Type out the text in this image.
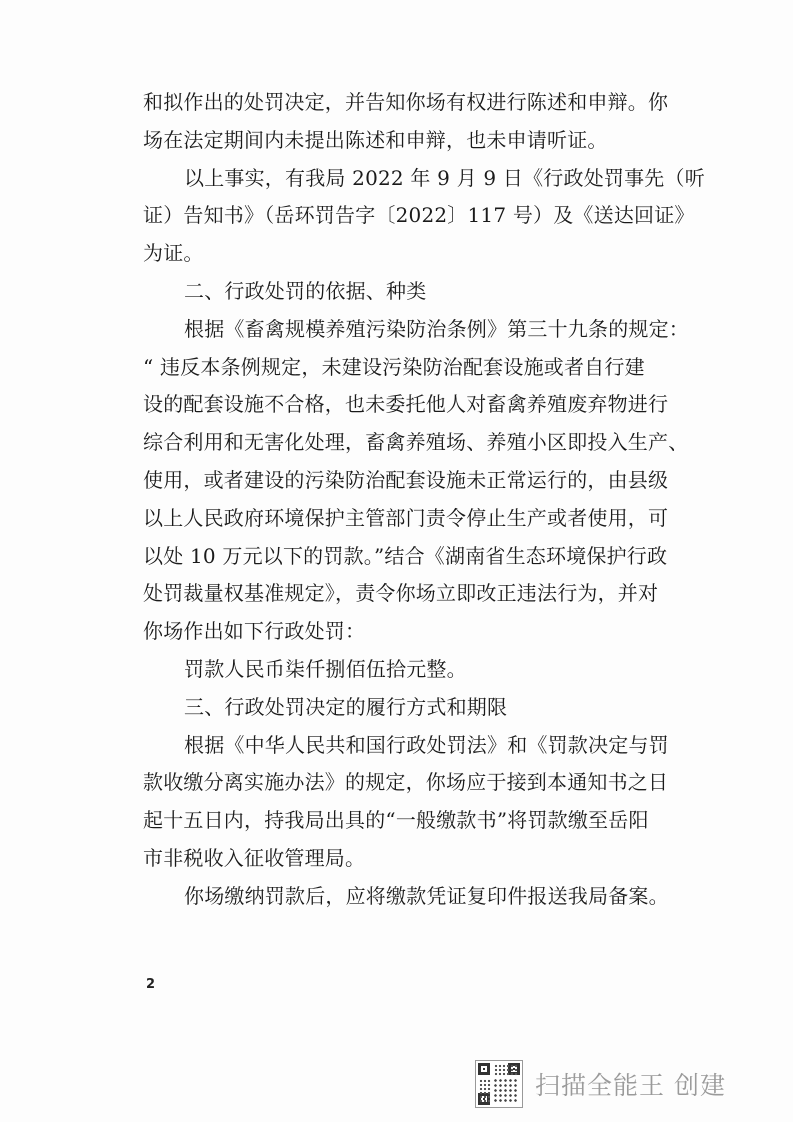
和拟作出的处罚决定，并告知你场有权进行陈述和申辩。你
场在法定期间内未提出陈述和申辩，也未申请听证。
以上事实，有我局 2022 年 9 月 9 日《行政处罚事先（听
证）告知书》（岳环罚告字〔2022〕117 号）及《送达回证》
为证。
二、行政处罚的依据、种类
根据《畜禽规模养殖污染防治条例》第三十九条的规定：
“ 违反本条例规定，未建设污染防治配套设施或者自行建
设的配套设施不合格，也未委托他人对畜禽养殖废弃物进行
综合利用和无害化处理，畜禽养殖场、养殖小区即投入生产、
使用，或者建设的污染防治配套设施未正常运行的，由县级
以上人民政府环境保护主管部门责令停止生产或者使用，可
以处 10 万元以下的罚款。”结合《湖南省生态环境保护行政
处罚裁量权基准规定》，责令你场立即改正违法行为，并对
你场作出如下行政处罚：
罚款人民币柒仟捌佰伍拾元整。
三、行政处罚决定的履行方式和期限
根据《中华人民共和国行政处罚法》和《罚款决定与罚
款收缴分离实施办法》的规定，你场应于接到本通知书之日
起十五日内，持我局出具的“一般缴款书”将罚款缴至岳阳
市非税收入征收管理局。
你场缴纳罚款后，应将缴款凭证复印件报送我局备案。
2
扫描全能王 创建
